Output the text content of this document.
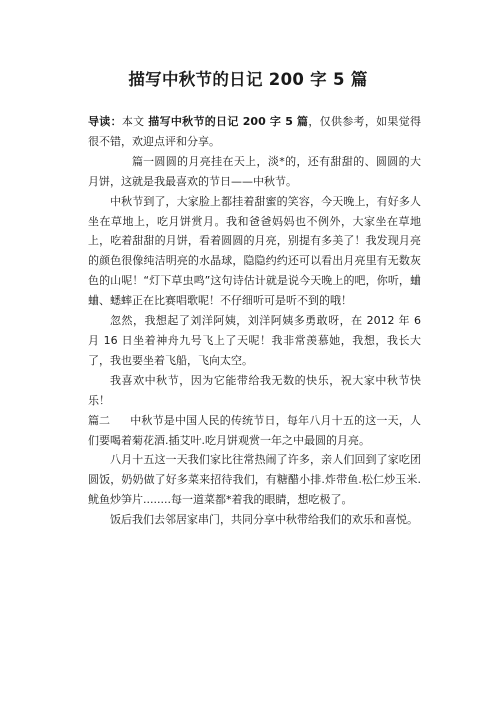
描写中秋节的日记 200 字 5 篇

导读：本文 描写中秋节的日记 200 字 5 篇，仅供参考，如果觉得很不错，欢迎点评和分享。

篇一圆圆的月亮挂在天上，淡*的，还有甜甜的、圆圆的大月饼，这就是我最喜欢的节日——中秋节。

中秋节到了，大家脸上都挂着甜蜜的笑容，今天晚上，有好多人坐在草地上，吃月饼赏月。我和爸爸妈妈也不例外，大家坐在草地上，吃着甜甜的月饼，看着圆圆的月亮，别提有多美了！我发现月亮的颜色很像纯洁明亮的水晶球，隐隐约约还可以看出月亮里有无数灰色的山呢！“灯下草虫鸣”这句诗估计就是说今天晚上的吧，你听，蛐蛐、蟋蟀正在比赛唱歌呢！不仔细听可是听不到的哦！

忽然，我想起了刘洋阿姨，刘洋阿姨多勇敢呀，在 2012 年 6 月 16 日坐着神舟九号飞上了天呢！我非常羡慕她，我想，我长大了，我也要坐着飞船，飞向太空。

我喜欢中秋节，因为它能带给我无数的快乐，祝大家中秋节快乐！

篇二 中秋节是中国人民的传统节日，每年八月十五的这一天，人们要喝着菊花酒.插艾叶.吃月饼观赏一年之中最圆的月亮。

八月十五这一天我们家比往常热闹了许多，亲人们回到了家吃团圆饭，奶奶做了好多菜来招待我们，有糖醋小排.炸带鱼.松仁炒玉米.鱿鱼炒笋片........每一道菜都*着我的眼睛，想吃极了。

饭后我们去邻居家串门，共同分享中秋带给我们的欢乐和喜悦。
